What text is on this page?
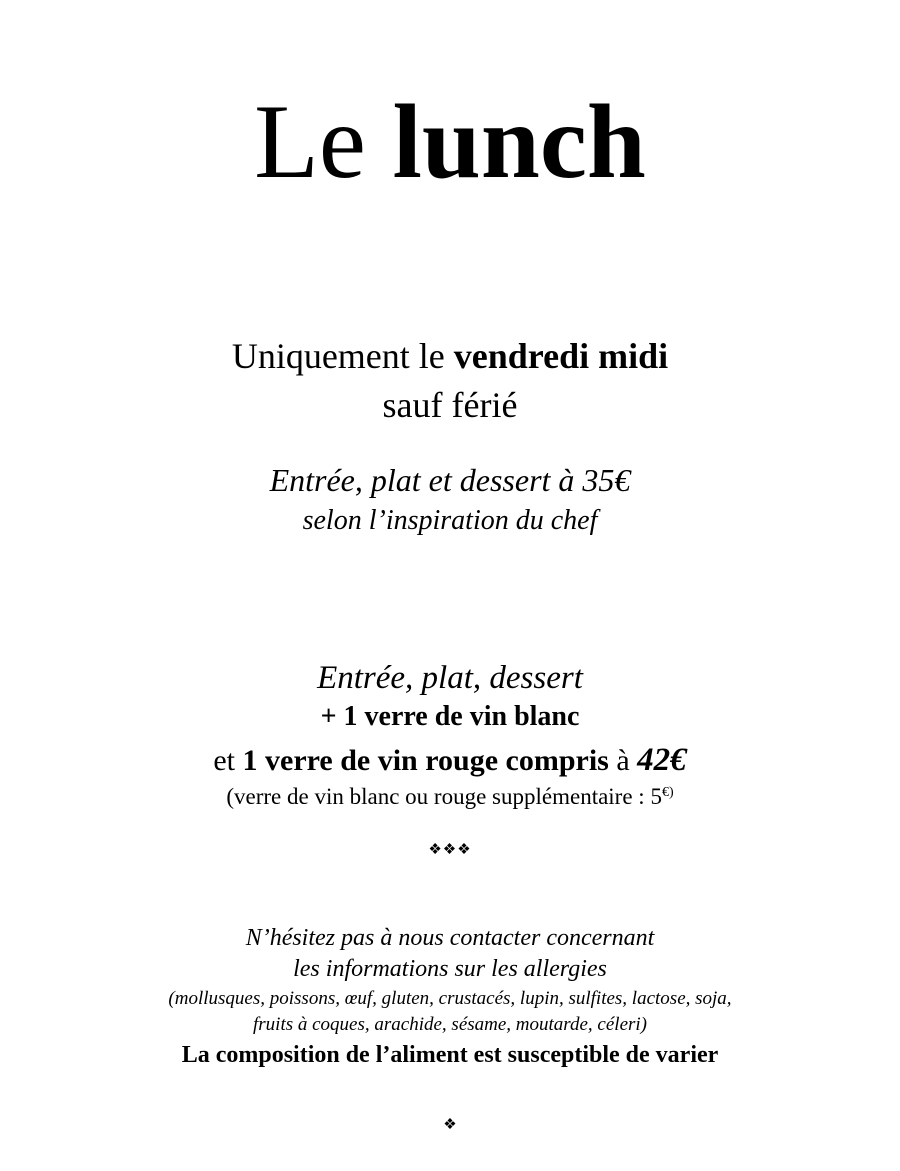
Le lunch
Uniquement le vendredi midi
sauf férié
Entrée, plat et dessert à 35€
selon l’inspiration du chef
Entrée, plat, dessert
+ 1 verre de vin blanc
et 1 verre de vin rouge compris à 42€
(verre de vin blanc ou rouge supplémentaire : 5€)
❖❖❖
N’hésitez pas à nous contacter concernant
les informations sur les allergies
(mollusques, poissons, œuf, gluten, crustacés, lupin, sulfites, lactose, soja,
fruits à coques, arachide, sésame, moutarde, céleri)
La composition de l’aliment est susceptible de varier
❖
